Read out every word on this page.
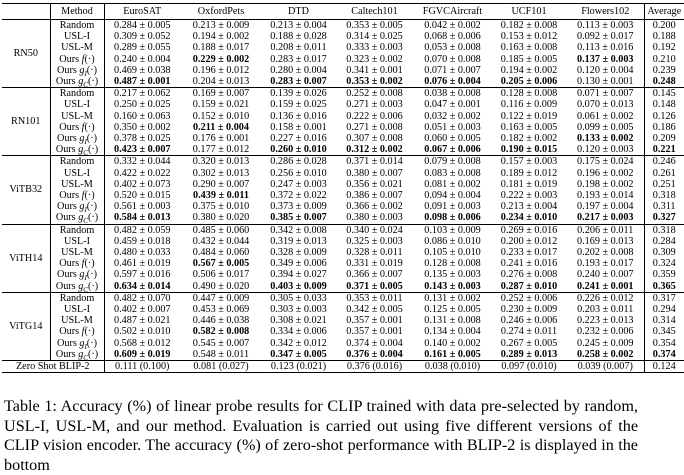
	Method	EuroSAT	OxfordPets	DTD	Caltech101	FGVCAircraft	UCF101	Flowers102	Average
RN50	Random	0.284 ± 0.005	0.213 ± 0.009	0.213 ± 0.004	0.353 ± 0.005	0.042 ± 0.002	0.182 ± 0.008	0.113 ± 0.003	0.200
	USL-I	0.309 ± 0.052	0.194 ± 0.002	0.188 ± 0.028	0.314 ± 0.025	0.068 ± 0.006	0.153 ± 0.012	0.092 ± 0.017	0.188
	USL-M	0.289 ± 0.055	0.188 ± 0.017	0.208 ± 0.011	0.333 ± 0.003	0.053 ± 0.008	0.163 ± 0.008	0.113 ± 0.016	0.192
	Ours f(·)	0.240 ± 0.004	0.229 ± 0.002	0.283 ± 0.017	0.323 ± 0.002	0.070 ± 0.008	0.185 ± 0.005	0.137 ± 0.003	0.210
	Ours $g_I(\cdot)$	0.469 ± 0.038	0.196 ± 0.012	0.280 ± 0.004	0.341 ± 0.001	0.071 ± 0.007	0.194 ± 0.002	0.120 ± 0.004	0.239
	Ours $g_C(\cdot)$	0.487 ± 0.001	0.204 ± 0.013	0.283 ± 0.007	0.353 ± 0.002	0.076 ± 0.004	0.205 ± 0.006	0.130 ± 0.001	0.248
RN101	Random	0.217 ± 0.062	0.169 ± 0.007	0.139 ± 0.026	0.252 ± 0.008	0.038 ± 0.008	0.128 ± 0.008	0.071 ± 0.007	0.145
	USL-I	0.250 ± 0.025	0.159 ± 0.021	0.159 ± 0.025	0.271 ± 0.003	0.047 ± 0.001	0.116 ± 0.009	0.070 ± 0.013	0.148
	USL-M	0.160 ± 0.063	0.152 ± 0.010	0.136 ± 0.016	0.222 ± 0.006	0.032 ± 0.002	0.122 ± 0.019	0.061 ± 0.002	0.126
	Ours f(·)	0.350 ± 0.002	0.211 ± 0.004	0.158 ± 0.001	0.271 ± 0.008	0.051 ± 0.003	0.163 ± 0.005	0.099 ± 0.005	0.186
	Ours $g_I(\cdot)$	0.378 ± 0.025	0.176 ± 0.001	0.227 ± 0.016	0.307 ± 0.008	0.060 ± 0.005	0.182 ± 0.002	0.133 ± 0.002	0.209
	Ours $g_C(\cdot)$	0.423 ± 0.007	0.177 ± 0.012	0.260 ± 0.010	0.312 ± 0.002	0.067 ± 0.006	0.190 ± 0.015	0.120 ± 0.003	0.221
ViTB32	Random	0.332 ± 0.044	0.320 ± 0.013	0.286 ± 0.028	0.371 ± 0.014	0.079 ± 0.008	0.157 ± 0.003	0.175 ± 0.024	0.246
	USL-I	0.422 ± 0.022	0.302 ± 0.013	0.256 ± 0.010	0.380 ± 0.007	0.083 ± 0.008	0.189 ± 0.012	0.196 ± 0.002	0.261
	USL-M	0.402 ± 0.073	0.290 ± 0.007	0.247 ± 0.003	0.356 ± 0.021	0.081 ± 0.002	0.181 ± 0.019	0.198 ± 0.002	0.251
	Ours f(·)	0.520 ± 0.015	0.439 ± 0.011	0.372 ± 0.022	0.386 ± 0.007	0.094 ± 0.004	0.222 ± 0.003	0.193 ± 0.014	0.318
	Ours $g_I(\cdot)$	0.561 ± 0.003	0.375 ± 0.010	0.373 ± 0.009	0.366 ± 0.002	0.091 ± 0.003	0.213 ± 0.004	0.197 ± 0.004	0.311
	Ours $g_C(\cdot)$	0.584 ± 0.013	0.380 ± 0.020	0.385 ± 0.007	0.380 ± 0.003	0.098 ± 0.006	0.234 ± 0.010	0.217 ± 0.003	0.327
ViTH14	Random	0.482 ± 0.059	0.485 ± 0.060	0.342 ± 0.008	0.340 ± 0.024	0.103 ± 0.009	0.269 ± 0.016	0.206 ± 0.011	0.318
	USL-I	0.459 ± 0.018	0.432 ± 0.044	0.319 ± 0.013	0.325 ± 0.003	0.086 ± 0.010	0.200 ± 0.012	0.169 ± 0.013	0.284
	USL-M	0.480 ± 0.033	0.484 ± 0.060	0.328 ± 0.009	0.328 ± 0.011	0.105 ± 0.010	0.233 ± 0.017	0.202 ± 0.008	0.309
	Ours f(·)	0.461 ± 0.019	0.567 ± 0.005	0.349 ± 0.006	0.331 ± 0.019	0.128 ± 0.008	0.241 ± 0.016	0.193 ± 0.017	0.324
	Ours $g_I(\cdot)$	0.597 ± 0.016	0.506 ± 0.017	0.394 ± 0.027	0.366 ± 0.007	0.135 ± 0.003	0.276 ± 0.008	0.240 ± 0.007	0.359
	Ours $g_C(\cdot)$	0.634 ± 0.014	0.490 ± 0.020	0.403 ± 0.009	0.371 ± 0.005	0.143 ± 0.003	0.287 ± 0.010	0.241 ± 0.001	0.365
ViTG14	Random	0.482 ± 0.070	0.447 ± 0.009	0.305 ± 0.033	0.353 ± 0.011	0.131 ± 0.002	0.252 ± 0.006	0.226 ± 0.012	0.317
	USL-I	0.402 ± 0.007	0.453 ± 0.069	0.303 ± 0.003	0.342 ± 0.005	0.125 ± 0.005	0.230 ± 0.009	0.203 ± 0.011	0.294
	USL-M	0.487 ± 0.021	0.446 ± 0.038	0.308 ± 0.021	0.357 ± 0.001	0.131 ± 0.008	0.246 ± 0.006	0.223 ± 0.013	0.314
	Ours f(·)	0.502 ± 0.010	0.582 ± 0.008	0.334 ± 0.006	0.357 ± 0.001	0.134 ± 0.004	0.274 ± 0.011	0.232 ± 0.006	0.345
	Ours $g_I(\cdot)$	0.568 ± 0.012	0.545 ± 0.007	0.342 ± 0.012	0.374 ± 0.004	0.140 ± 0.002	0.267 ± 0.005	0.245 ± 0.009	0.354
	Ours $g_C(\cdot)$	0.609 ± 0.019	0.548 ± 0.011	0.347 ± 0.005	0.376 ± 0.004	0.161 ± 0.005	0.289 ± 0.013	0.258 ± 0.002	0.374
Zero Shot BLIP-2		0.111 (0.100)	0.081 (0.027)	0.123 (0.021)	0.376 (0.016)	0.038 (0.010)	0.097 (0.010)	0.039 (0.007)	0.124
Table 1: Accuracy (%) of linear probe results for CLIP trained with data pre-selected by random, USL-I, USL-M, and our method. Evaluation is carried out using five different versions of the CLIP vision encoder. The accuracy (%) of zero-shot performance with BLIP-2 is displayed in the bottom
